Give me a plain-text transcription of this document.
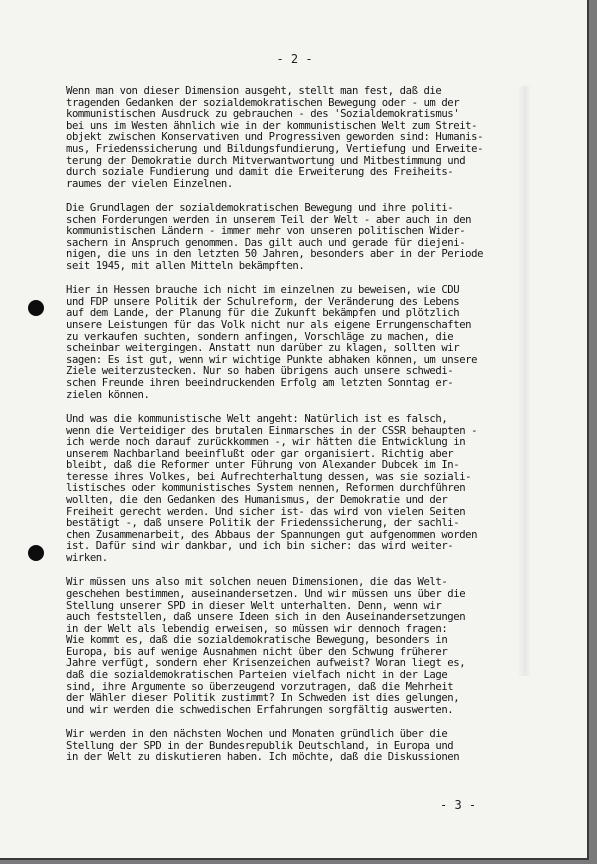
- 2 -
Wenn man von dieser Dimension ausgeht, stellt man fest, daß die
tragenden Gedanken der sozialdemokratischen Bewegung oder - um der
kommunistischen Ausdruck zu gebrauchen - des 'Sozialdemokratismus'
bei uns im Westen ähnlich wie in der kommunistischen Welt zum Streit-
objekt zwischen Konservativen und Progressiven geworden sind: Humanis-
mus, Friedenssicherung und Bildungsfundierung, Vertiefung und Erweite-
terung der Demokratie durch Mitverwantwortung und Mitbestimmung und
durch soziale Fundierung und damit die Erweiterung des Freiheits-
raumes der vielen Einzelnen.
Die Grundlagen der sozialdemokratischen Bewegung und ihre politi-
schen Forderungen werden in unserem Teil der Welt - aber auch in den
kommunistischen Ländern - immer mehr von unseren politischen Wider-
sachern in Anspruch genommen. Das gilt auch und gerade für diejeni-
nigen, die uns in den letzten 50 Jahren, besonders aber in der Periode
seit 1945, mit allen Mitteln bekämpften.
Hier in Hessen brauche ich nicht im einzelnen zu beweisen, wie CDU
und FDP unsere Politik der Schulreform, der Veränderung des Lebens
auf dem Lande, der Planung für die Zukunft bekämpfen und plötzlich
unsere Leistungen für das Volk nicht nur als eigene Errungenschaften
zu verkaufen suchten, sondern anfingen, Vorschläge zu machen, die
scheinbar weitergingen. Anstatt nun darüber zu klagen, sollten wir
sagen: Es ist gut, wenn wir wichtige Punkte abhaken können, um unsere
Ziele weiterzustecken. Nur so haben übrigens auch unsere schwedi-
schen Freunde ihren beeindruckenden Erfolg am letzten Sonntag er-
zielen können.
Und was die kommunistische Welt angeht: Natürlich ist es falsch,
wenn die Verteidiger des brutalen Einmarsches in der CSSR behaupten -
ich werde noch darauf zurückkommen -, wir hätten die Entwicklung in
unserem Nachbarland beeinflußt oder gar organisiert. Richtig aber
bleibt, daß die Reformer unter Führung von Alexander Dubcek im In-
teresse ihres Volkes, bei Aufrechterhaltung dessen, was sie soziali-
listisches oder kommunistisches System nennen, Reformen durchführen
wollten, die den Gedanken des Humanismus, der Demokratie und der
Freiheit gerecht werden. Und sicher ist- das wird von vielen Seiten
bestätigt -, daß unsere Politik der Friedenssicherung, der sachli-
chen Zusammenarbeit, des Abbaus der Spannungen gut aufgenommen worden
ist. Dafür sind wir dankbar, und ich bin sicher: das wird weiter-
wirken.
Wir müssen uns also mit solchen neuen Dimensionen, die das Welt-
geschehen bestimmen, auseinandersetzen. Und wir müssen uns über die
Stellung unserer SPD in dieser Welt unterhalten. Denn, wenn wir
auch feststellen, daß unsere Ideen sich in den Auseinandersetzungen
in der Welt als lebendig erweisen, so müssen wir dennoch fragen:
Wie kommt es, daß die sozialdemokratische Bewegung, besonders in
Europa, bis auf wenige Ausnahmen nicht über den Schwung früherer
Jahre verfügt, sondern eher Krisenzeichen aufweist? Woran liegt es,
daß die sozialdemokratischen Parteien vielfach nicht in der Lage
sind, ihre Argumente so überzeugend vorzutragen, daß die Mehrheit
der Wähler dieser Politik zustimmt? In Schweden ist dies gelungen,
und wir werden die schwedischen Erfahrungen sorgfältig auswerten.
Wir werden in den nächsten Wochen und Monaten gründlich über die
Stellung der SPD in der Bundesrepublik Deutschland, in Europa und
in der Welt zu diskutieren haben. Ich möchte, daß die Diskussionen
- 3 -
